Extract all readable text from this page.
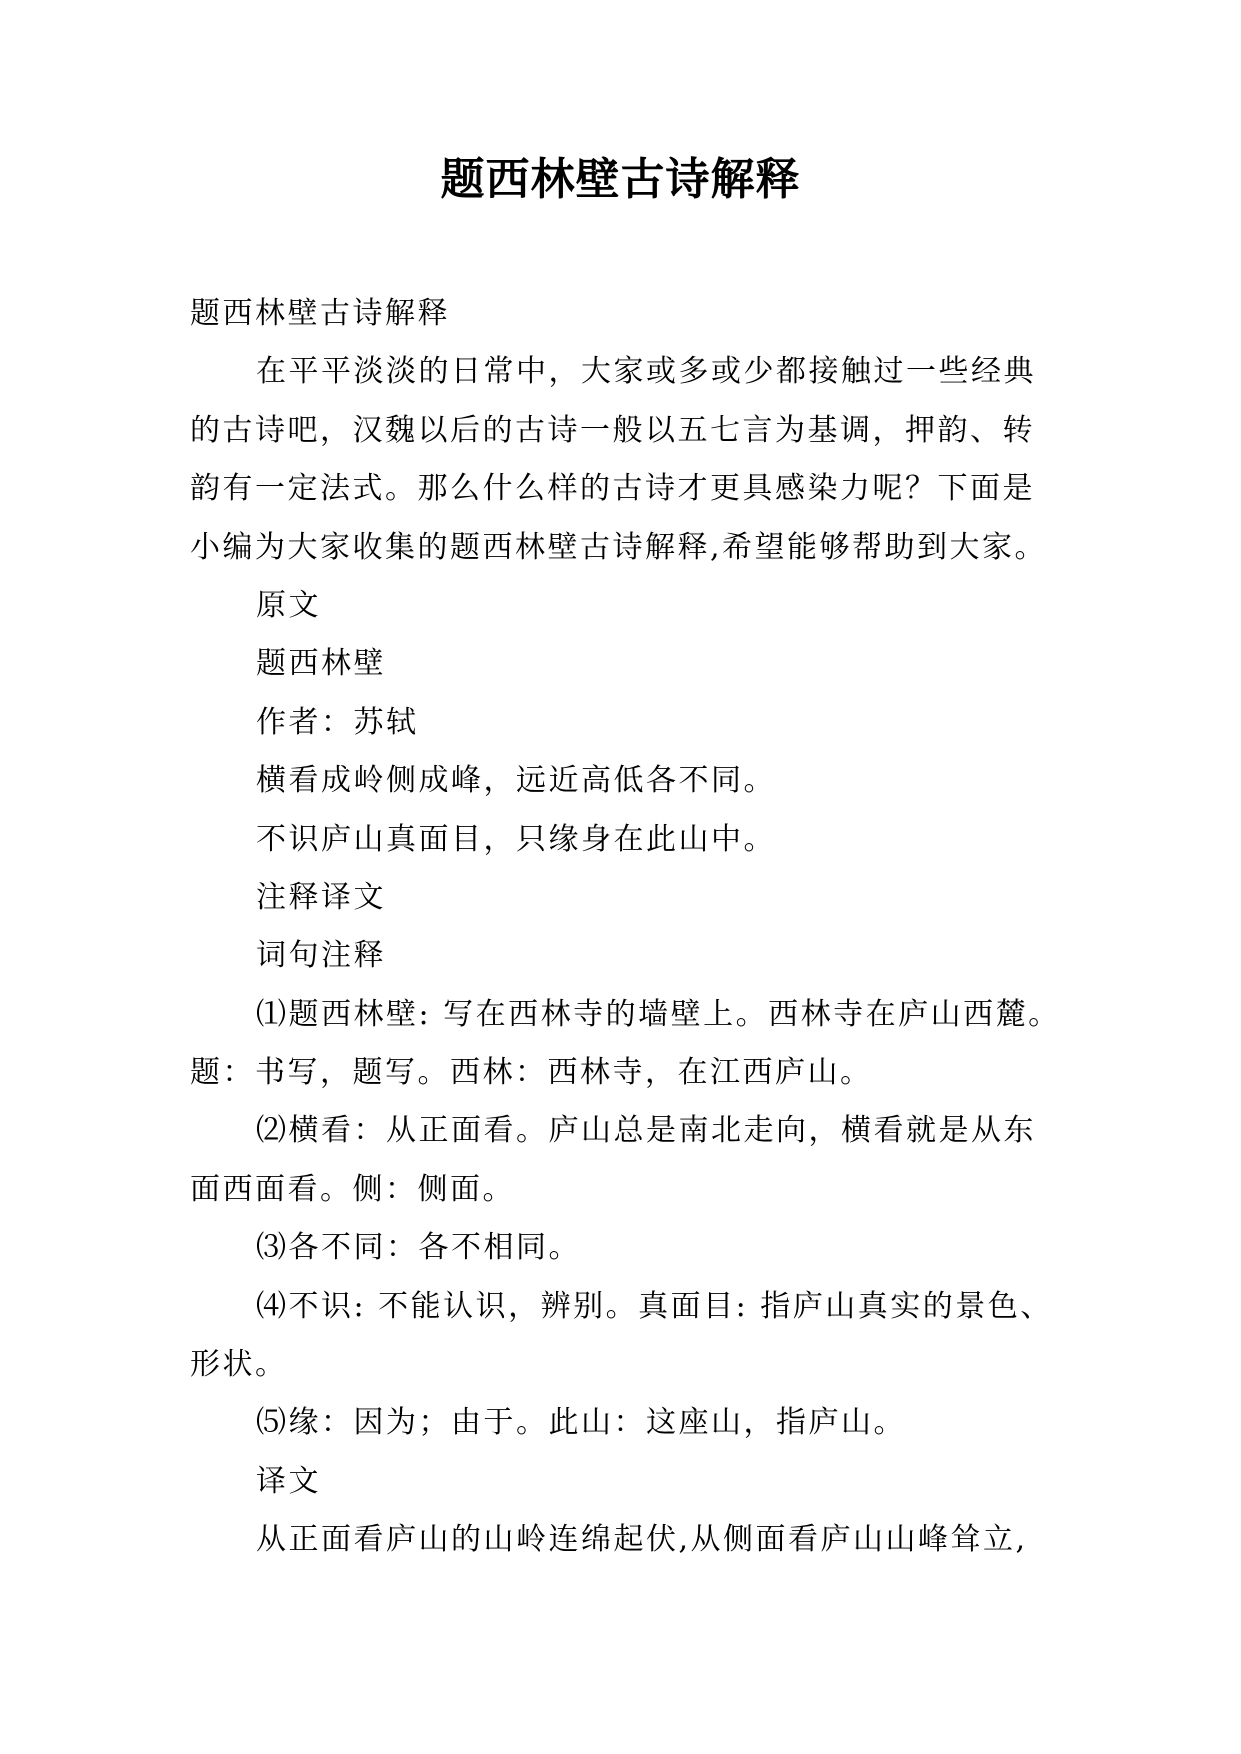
题西林壁古诗解释
题西林壁古诗解释
在平平淡淡的日常中，大家或多或少都接触过一些经典
的古诗吧，汉魏以后的古诗一般以五七言为基调，押韵、转
韵有一定法式。那么什么样的古诗才更具感染力呢？下面是
小编为大家收集的题西林壁古诗解释,希望能够帮助到大家。
原文
题西林壁
作者：苏轼
横看成岭侧成峰，远近高低各不同。
不识庐山真面目，只缘身在此山中。
注释译文
词句注释
⑴题西林壁: 写在西林寺的墙壁上。西林寺在庐山西麓。
题：书写，题写。西林：西林寺，在江西庐山。
⑵横看：从正面看。庐山总是南北走向，横看就是从东
面西面看。侧：侧面。
⑶各不同：各不相同。
⑷不识: 不能认识，辨别。真面目: 指庐山真实的景色、
形状。
⑸缘：因为；由于。此山：这座山，指庐山。
译文
从正面看庐山的山岭连绵起伏,从侧面看庐山山峰耸立,
